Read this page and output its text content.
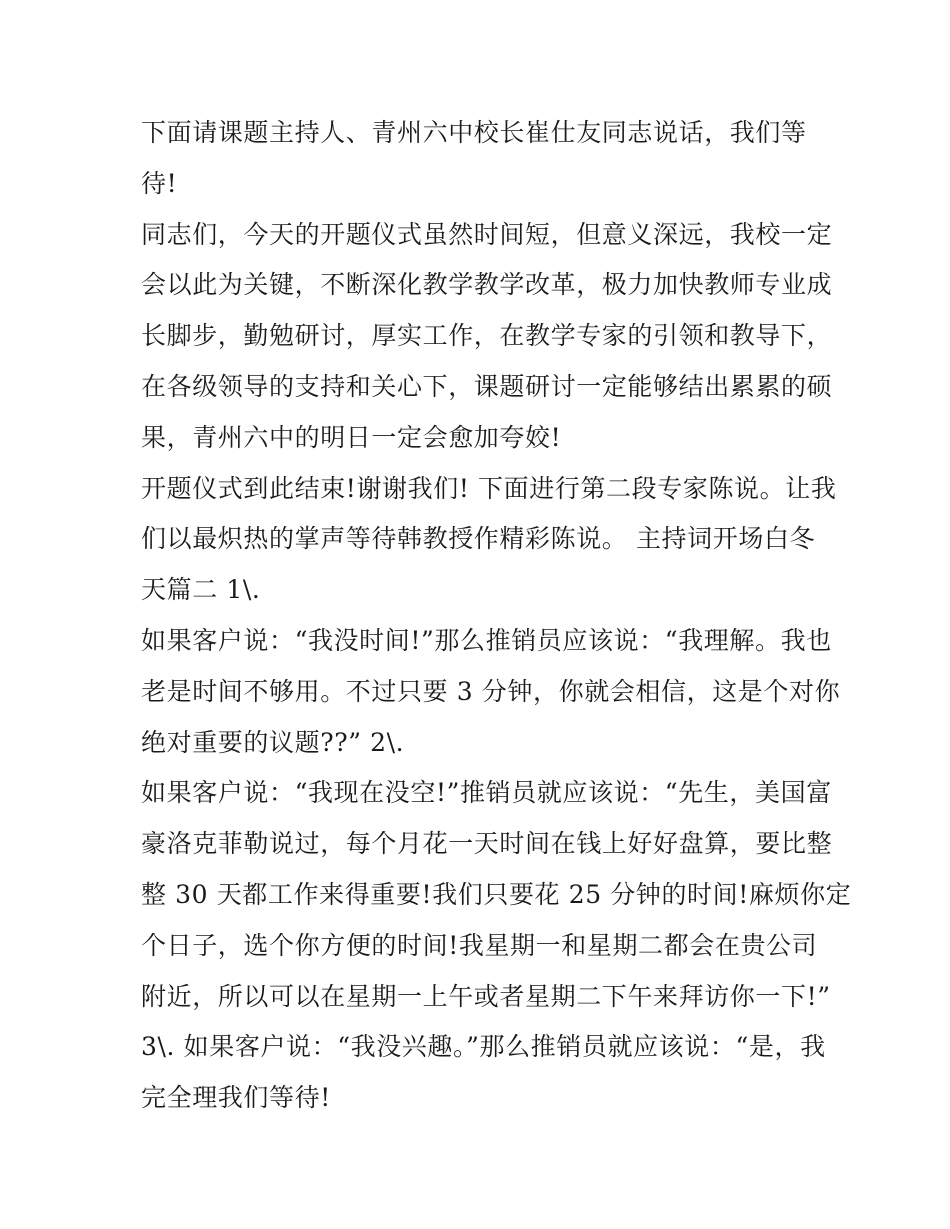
下面请课题主持人、青州六中校长崔仕友同志说话，我们等
待!
同志们，今天的开题仪式虽然时间短，但意义深远，我校一定
会以此为关键，不断深化教学教学改革，极力加快教师专业成
长脚步，勤勉研讨，厚实工作，在教学专家的引领和教导下，
在各级领导的支持和关心下，课题研讨一定能够结出累累的硕
果，青州六中的明日一定会愈加夸姣!
开题仪式到此结束!谢谢我们! 下面进行第二段专家陈说。让我
们以最炽热的掌声等待韩教授作精彩陈说。 主持词开场白冬
天篇二 1\.
如果客户说：“我没时间!”那么推销员应该说：“我理解。我也
老是时间不够用。不过只要 3 分钟，你就会相信，这是个对你
绝对重要的议题??” 2\.
如果客户说：“我现在没空!”推销员就应该说：“先生，美国富
豪洛克菲勒说过，每个月花一天时间在钱上好好盘算，要比整
整 30 天都工作来得重要!我们只要花 25 分钟的时间!麻烦你定
个日子，选个你方便的时间!我星期一和星期二都会在贵公司
附近，所以可以在星期一上午或者星期二下午来拜访你一下!”
3\. 如果客户说：“我没兴趣。”那么推销员就应该说：“是，我
完全理我们等待!
